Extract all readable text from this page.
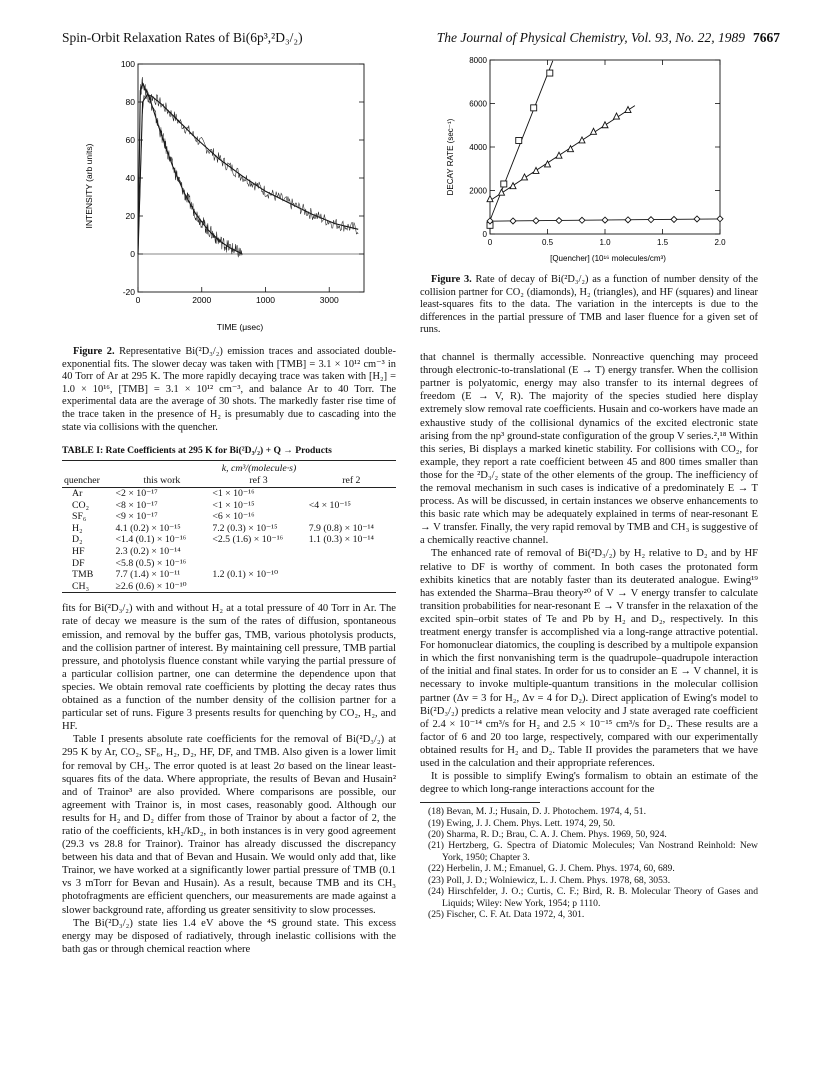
Spin-Orbit Relaxation Rates of Bi(6p³,²D₃/₂)	The Journal of Physical Chemistry, Vol. 93, No. 22, 1989 7667
100
80
60
40
20
0
-20
0	2000	1000	3000
INTENSITY (arb units)
TIME (μsec)

Figure 2. Representative Bi(²D₃/₂) emission traces and associated double-exponential fits. The slower decay was taken with [TMB] = 3.1 × 10¹² cm⁻³ in 40 Torr of Ar at 295 K. The more rapidly decaying trace was taken with [H₂] = 1.0 × 10¹⁶, [TMB] = 3.1 × 10¹² cm⁻³, and balance Ar to 40 Torr. The experimental data are the average of 30 shots. The markedly faster rise time of the trace taken in the presence of H₂ is presumably due to cascading into the state via collisions with the quencher.

TABLE I: Rate Coefficients at 295 K for Bi(²D₃/₂) + Q → Products
k, cm³/(molecule·s)
quencher	this work	ref 3	ref 2
Ar	<2 × 10⁻¹⁷	<1 × 10⁻¹⁶	
CO₂	<8 × 10⁻¹⁷	<1 × 10⁻¹⁵	<4 × 10⁻¹⁵
SF₆	<9 × 10⁻¹⁷	<6 × 10⁻¹⁶	
H₂	4.1 (0.2) × 10⁻¹⁵	7.2 (0.3) × 10⁻¹⁵	7.9 (0.8) × 10⁻¹⁴
D₂	<1.4 (0.1) × 10⁻¹⁶	<2.5 (1.6) × 10⁻¹⁶	1.1 (0.3) × 10⁻¹⁴
HF	2.3 (0.2) × 10⁻¹⁴		
DF	<5.8 (0.5) × 10⁻¹⁶		
TMB	7.7 (1.4) × 10⁻¹¹	1.2 (0.1) × 10⁻¹⁰	
CH₃	≥2.6 (0.6) × 10⁻¹⁰		

fits for Bi(²D₃/₂) with and without H₂ at a total pressure of 40 Torr in Ar. The rate of decay we measure is the sum of the rates of diffusion, spontaneous emission, and removal by the buffer gas, TMB, various photolysis products, and the collision partner of interest. By maintaining cell pressure, TMB partial pressure, and photolysis fluence constant while varying the partial pressure of a particular collision partner, one can determine the dependence upon that species. We obtain removal rate coefficients by plotting the decay rates thus obtained as a function of the number density of the collision partner for a particular set of runs. Figure 3 presents results for quenching by CO₂, H₂, and HF.

Table I presents absolute rate coefficients for the removal of Bi(²D₃/₂) at 295 K by Ar, CO₂, SF₆, H₂, D₂, HF, DF, and TMB. Also given is a lower limit for removal by CH₃. The error quoted is at least 2σ based on the linear least-squares fits of the data. Where appropriate, the results of Bevan and Husain² and of Trainor³ are also provided. Where comparisons are possible, our agreement with Trainor is, in most cases, reasonably good. Although our results for H₂ and D₂ differ from those of Trainor by about a factor of 2, the ratio of the coefficients, kH₂/kD₂, in both instances is in very good agreement (29.3 vs 28.8 for Trainor). Trainor has already discussed the discrepancy between his data and that of Bevan and Husain. We would only add that, like Trainor, we have worked at a significantly lower partial pressure of TMB (0.1 vs 3 mTorr for Bevan and Husain). As a result, because TMB and its CH₃ photofragments are efficient quenchers, our measurements are made against a slower background rate, affording us greater sensitivity to slow processes.

The Bi(²D₃/₂) state lies 1.4 eV above the ⁴S ground state. This excess energy may be disposed of radiatively, through inelastic collisions with the bath gas or through chemical reaction where

8000
6000
4000
2000
0
0	0.5	1.0	1.5	2.0
DECAY RATE (sec⁻¹)
[Quencher] (10¹⁶ molecules/cm³)

Figure 3. Rate of decay of Bi(²D₃/₂) as a function of number density of the collision partner for CO₂ (diamonds), H₂ (triangles), and HF (squares) and linear least-squares fits to the data. The variation in the intercepts is due to the differences in the partial pressure of TMB and laser fluence for a given set of runs.

that channel is thermally accessible. Nonreactive quenching may proceed through electronic-to-translational (E → T) energy transfer. When the collision partner is polyatomic, energy may also transfer to its internal degrees of freedom (E → V, R). The majority of the species studied here display extremely slow removal rate coefficients. Husain and co-workers have made an exhaustive study of the collisional dynamics of the excited electronic state arising from the np³ ground-state configuration of the group V series.²,¹⁸ Within this series, Bi displays a marked kinetic stability. For collisions with CO₂, for example, they report a rate coefficient between 45 and 800 times smaller than those for the ²D₃/₂ state of the other elements of the group. The inefficiency of the removal mechanism in such cases is indicative of a predominately E → T process. As will be discussed, in certain instances we observe enhancements to this basic rate which may be adequately explained in terms of near-resonant E → V transfer. Finally, the very rapid removal by TMB and CH₃ is suggestive of a chemically reactive channel.

The enhanced rate of removal of Bi(²D₃/₂) by H₂ relative to D₂ and by HF relative to DF is worthy of comment. In both cases the protonated form exhibits kinetics that are notably faster than its deuterated analogue. Ewing¹⁹ has extended the Sharma–Brau theory²⁰ of V → V energy transfer to calculate transition probabilities for near-resonant E → V transfer in the relaxation of the excited spin–orbit states of Te and Pb by H₂ and D₂, respectively. In this treatment energy transfer is accomplished via a long-range attractive potential. For homonuclear diatomics, the coupling is described by a multipole expansion in which the first nonvanishing term is the quadrupole–quadrupole interaction of the initial and final states. In order for us to consider an E → V channel, it is necessary to invoke multiple-quantum transitions in the molecular collision partner (Δv = 3 for H₂, Δv = 4 for D₂). Direct application of Ewing's model to Bi(²D₃/₂) predicts a relative mean velocity and J state averaged rate coefficient of 2.4 × 10⁻¹⁴ cm³/s for H₂ and 2.5 × 10⁻¹⁵ cm³/s for D₂. These results are a factor of 6 and 20 too large, respectively, compared with our experimentally obtained results for H₂ and D₂. Table II provides the parameters that we have used in the calculation and their appropriate references.

It is possible to simplify Ewing's formalism to obtain an estimate of the degree to which long-range interactions account for the

(18) Bevan, M. J.; Husain, D. J. Photochem. 1974, 4, 51.
(19) Ewing, J. J. Chem. Phys. Lett. 1974, 29, 50.
(20) Sharma, R. D.; Brau, C. A. J. Chem. Phys. 1969, 50, 924.
(21) Hertzberg, G. Spectra of Diatomic Molecules; Van Nostrand Reinhold: New York, 1950; Chapter 3.
(22) Herbelin, J. M.; Emanuel, G. J. Chem. Phys. 1974, 60, 689.
(23) Poll, J. D.; Wolniewicz, L. J. Chem. Phys. 1978, 68, 3053.
(24) Hirschfelder, J. O.; Curtis, C. F.; Bird, R. B. Molecular Theory of Gases and Liquids; Wiley: New York, 1954; p 1110.
(25) Fischer, C. F. At. Data 1972, 4, 301.
